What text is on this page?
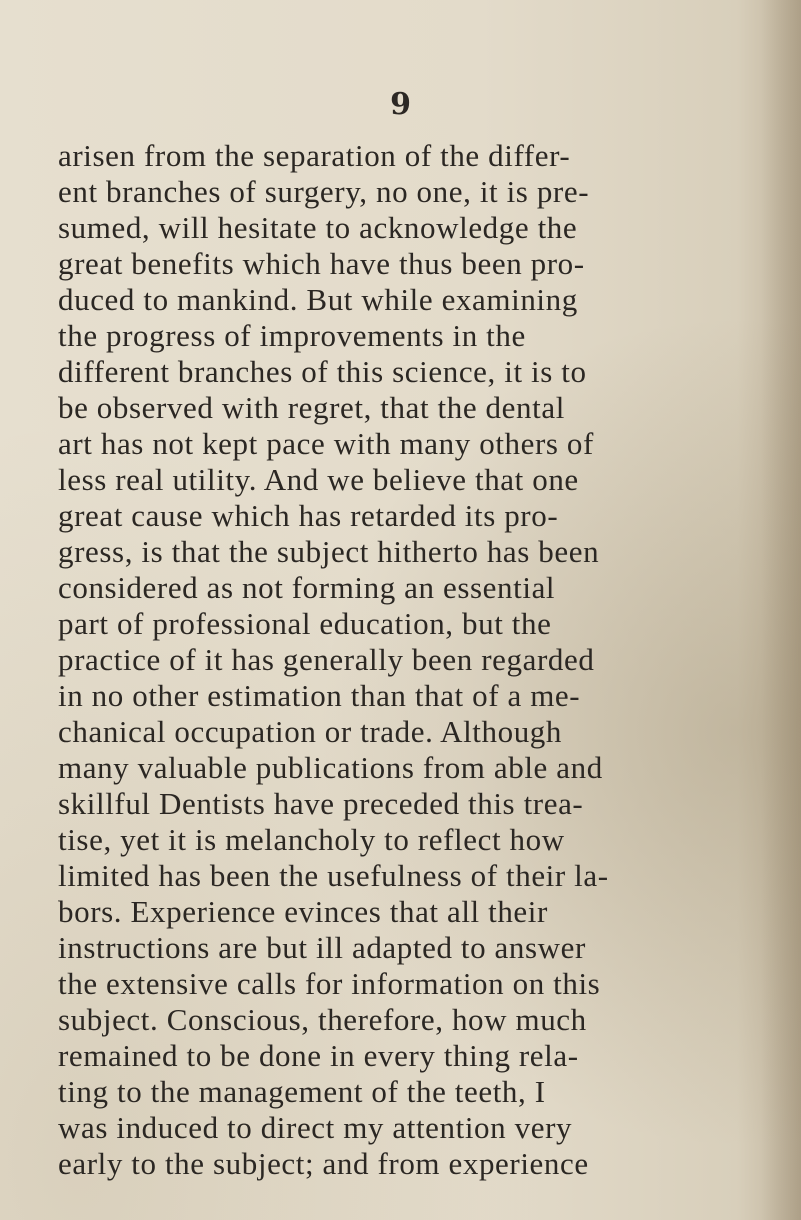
9

arisen from the separation of the differ-
ent branches of surgery, no one, it is pre-
sumed, will hesitate to acknowledge the
great benefits which have thus been pro-
duced to mankind. But while examining
the progress of improvements in the
different branches of this science, it is to
be observed with regret, that the dental
art has not kept pace with many others of
less real utility. And we believe that one
great cause which has retarded its pro-
gress, is that the subject hitherto has been
considered as not forming an essential
part of professional education, but the
practice of it has generally been regarded
in no other estimation than that of a me-
chanical occupation or trade. Although
many valuable publications from able and
skillful Dentists have preceded this trea-
tise, yet it is melancholy to reflect how
limited has been the usefulness of their la-
bors. Experience evinces that all their
instructions are but ill adapted to answer
the extensive calls for information on this
subject. Conscious, therefore, how much
remained to be done in every thing rela-
ting to the management of the teeth, I
was induced to direct my attention very
early to the subject; and from experience
